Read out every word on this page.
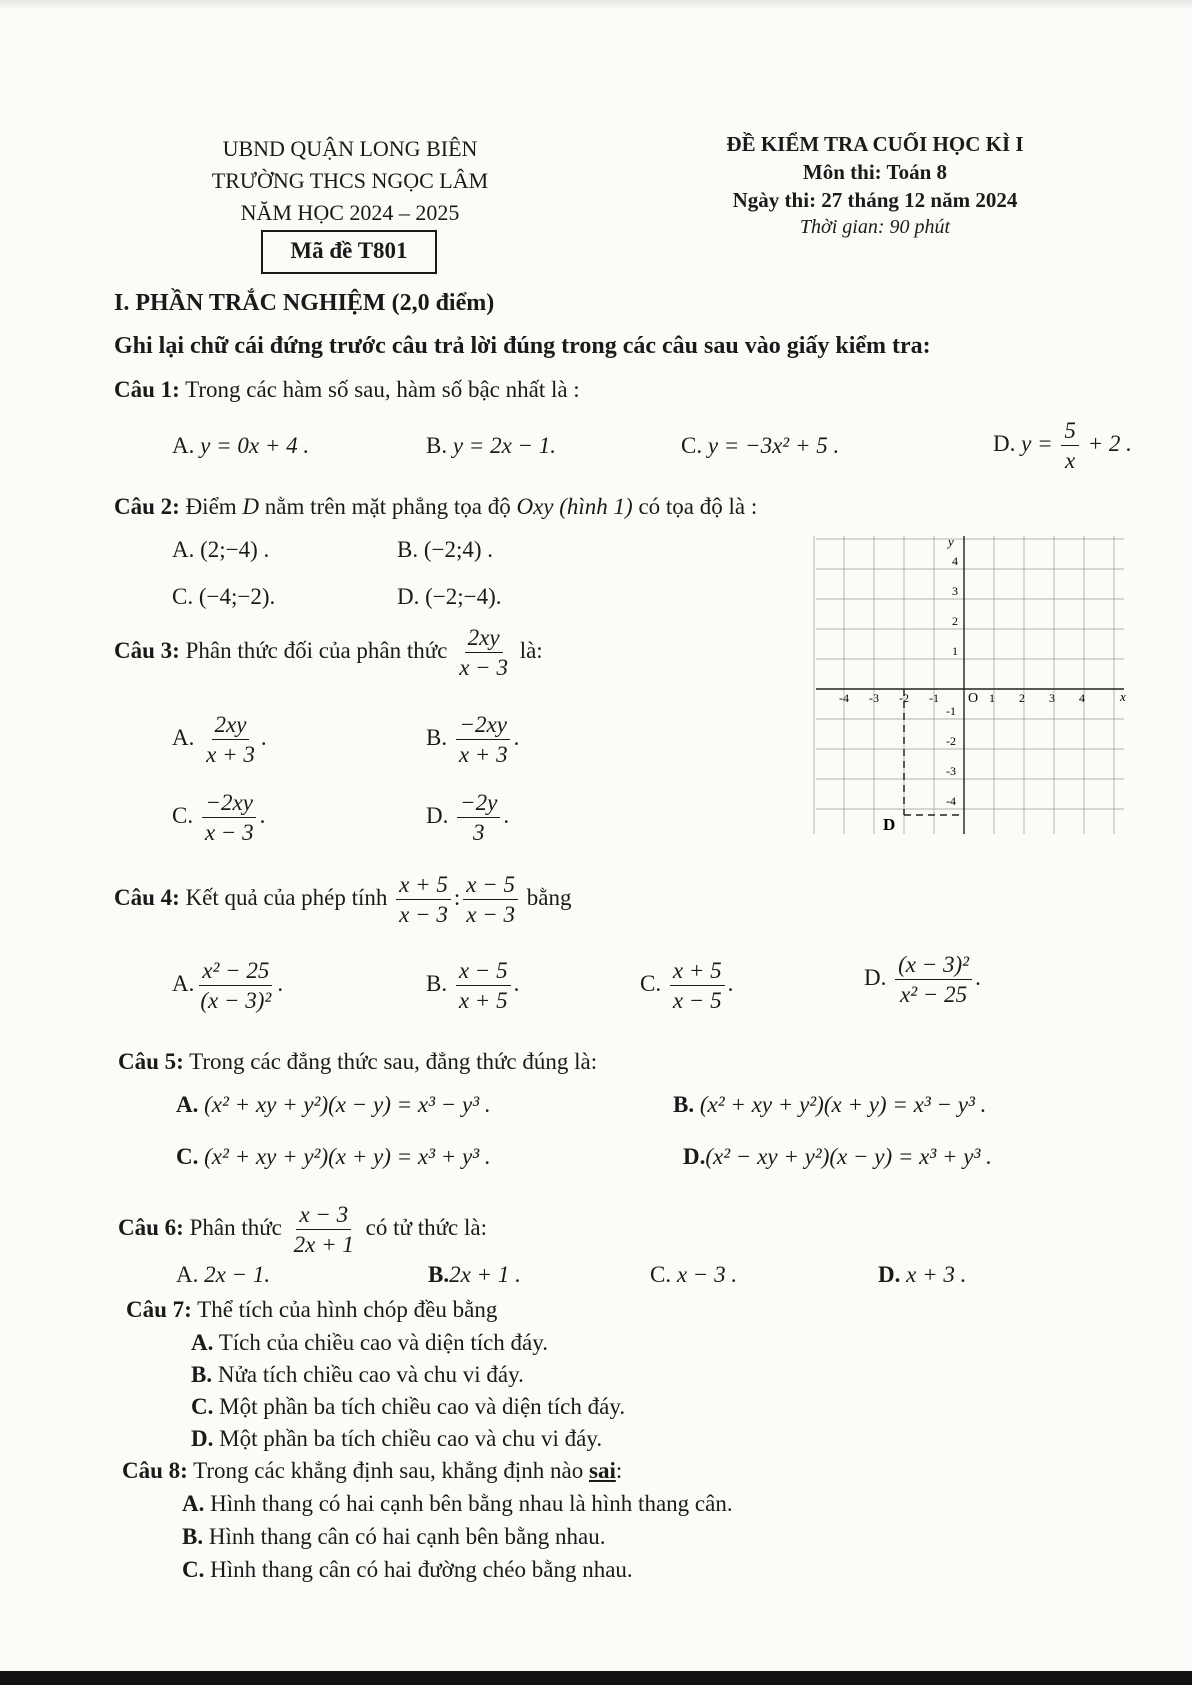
UBND QUẬN LONG BIÊN
TRƯỜNG THCS NGỌC LÂM
NĂM HỌC 2024 – 2025
Mã đề T801
ĐỀ KIỂM TRA CUỐI HỌC KÌ I
Môn thi: Toán 8
Ngày thi: 27 tháng 12 năm 2024
Thời gian: 90 phút
I. PHẦN TRẮC NGHIỆM (2,0 điểm)
Ghi lại chữ cái đứng trước câu trả lời đúng trong các câu sau vào giấy kiểm tra:
Câu 1: Trong các hàm số sau, hàm số bậc nhất là :
A. y = 0x + 4 .	B. y = 2x − 1.	C. y = −3x² + 5 .	D. $y = \frac{5}{x} + 2$ .
Câu 2: Điểm D nằm trên mặt phẳng tọa độ Oxy (hình 1) có tọa độ là :
A. (2;−4) .	B. (−2;4) .
C. (−4;−2).	D. (−2;−4).
x
y
O
D
-4 -3 -2 -1	1 2 3 4
4
3
2
1
-1
-2
-3
-4
Câu 3: Phân thức đối của phân thức $\frac{2xy}{x - 3}$ là:
A. $\frac{2xy}{x + 3}$ .	B. $\frac{-2xy}{x + 3}$ .
C. $\frac{-2xy}{x - 3}$ .	D. $\frac{-2y}{3}$ .
Câu 4: Kết quả của phép tính $\frac{x + 5}{x - 3}$ : $\frac{x - 5}{x - 3}$ bằng
A. $\frac{\text{x² − 25}}{\text{(x − 3)²}}$ .	B. $\frac{x - 5}{x + 5}$ .	C. $\frac{x + 5}{x - 5}$ .	D. $\frac{\text{(x − 3)²}}{\text{x² − 25}}$ .
Câu 5: Trong các đẳng thức sau, đẳng thức đúng là:
A. (x² + xy + y²)(x − y) = x³ − y³ .	B. (x² + xy + y²)(x + y) = x³ − y³ .
C. (x² + xy + y²)(x + y) = x³ + y³ .	D.(x² − xy + y²)(x − y) = x³ + y³ .
Câu 6: Phân thức $\frac{x - 3}{2x + 1}$ có tử thức là:
A. 2x − 1.	B.2x + 1 .	C. x − 3 .	D. x + 3 .
Câu 7: Thể tích của hình chóp đều bằng
A. Tích của chiều cao và diện tích đáy.
B. Nửa tích chiều cao và chu vi đáy.
C. Một phần ba tích chiều cao và diện tích đáy.
D. Một phần ba tích chiều cao và chu vi đáy.
Câu 8: Trong các khẳng định sau, khẳng định nào sai:
A. Hình thang có hai cạnh bên bằng nhau là hình thang cân.
B. Hình thang cân có hai cạnh bên bằng nhau.
C. Hình thang cân có hai đường chéo bằng nhau.
